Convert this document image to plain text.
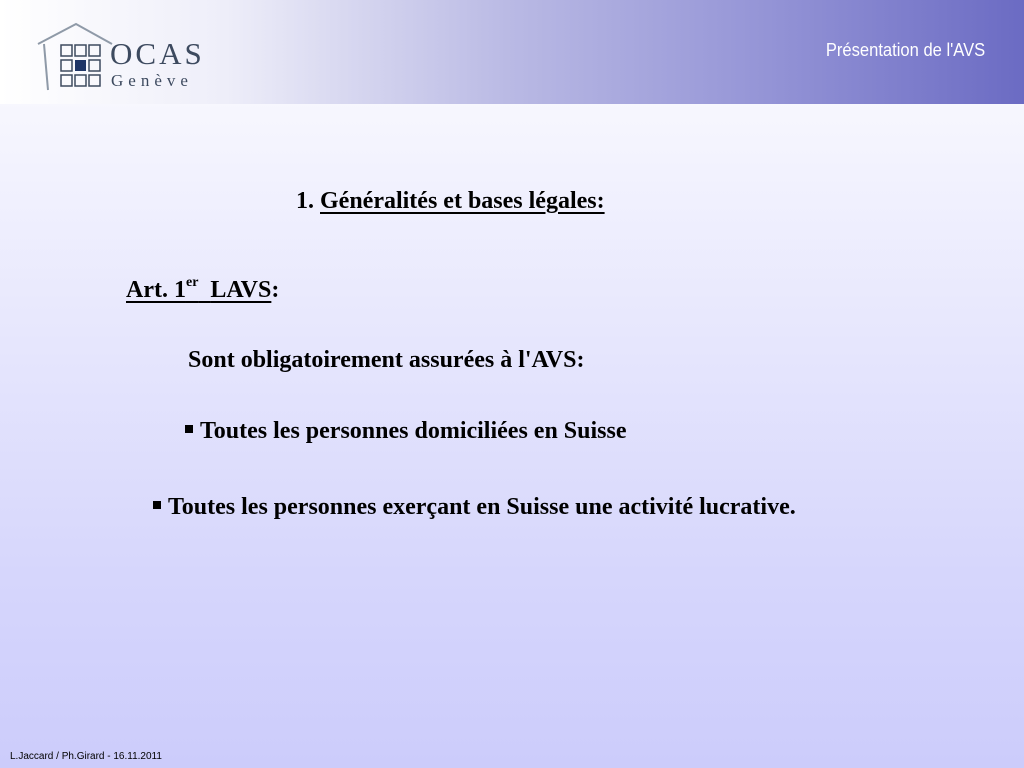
OCAS
Genève
Présentation de l'AVS
1. Généralités et bases légales:
Art. 1er LAVS:
Sont obligatoirement assurées à l'AVS:
Toutes les personnes domiciliées en Suisse
Toutes les personnes exerçant en Suisse une activité lucrative.
L.Jaccard / Ph.Girard - 16.11.2011
